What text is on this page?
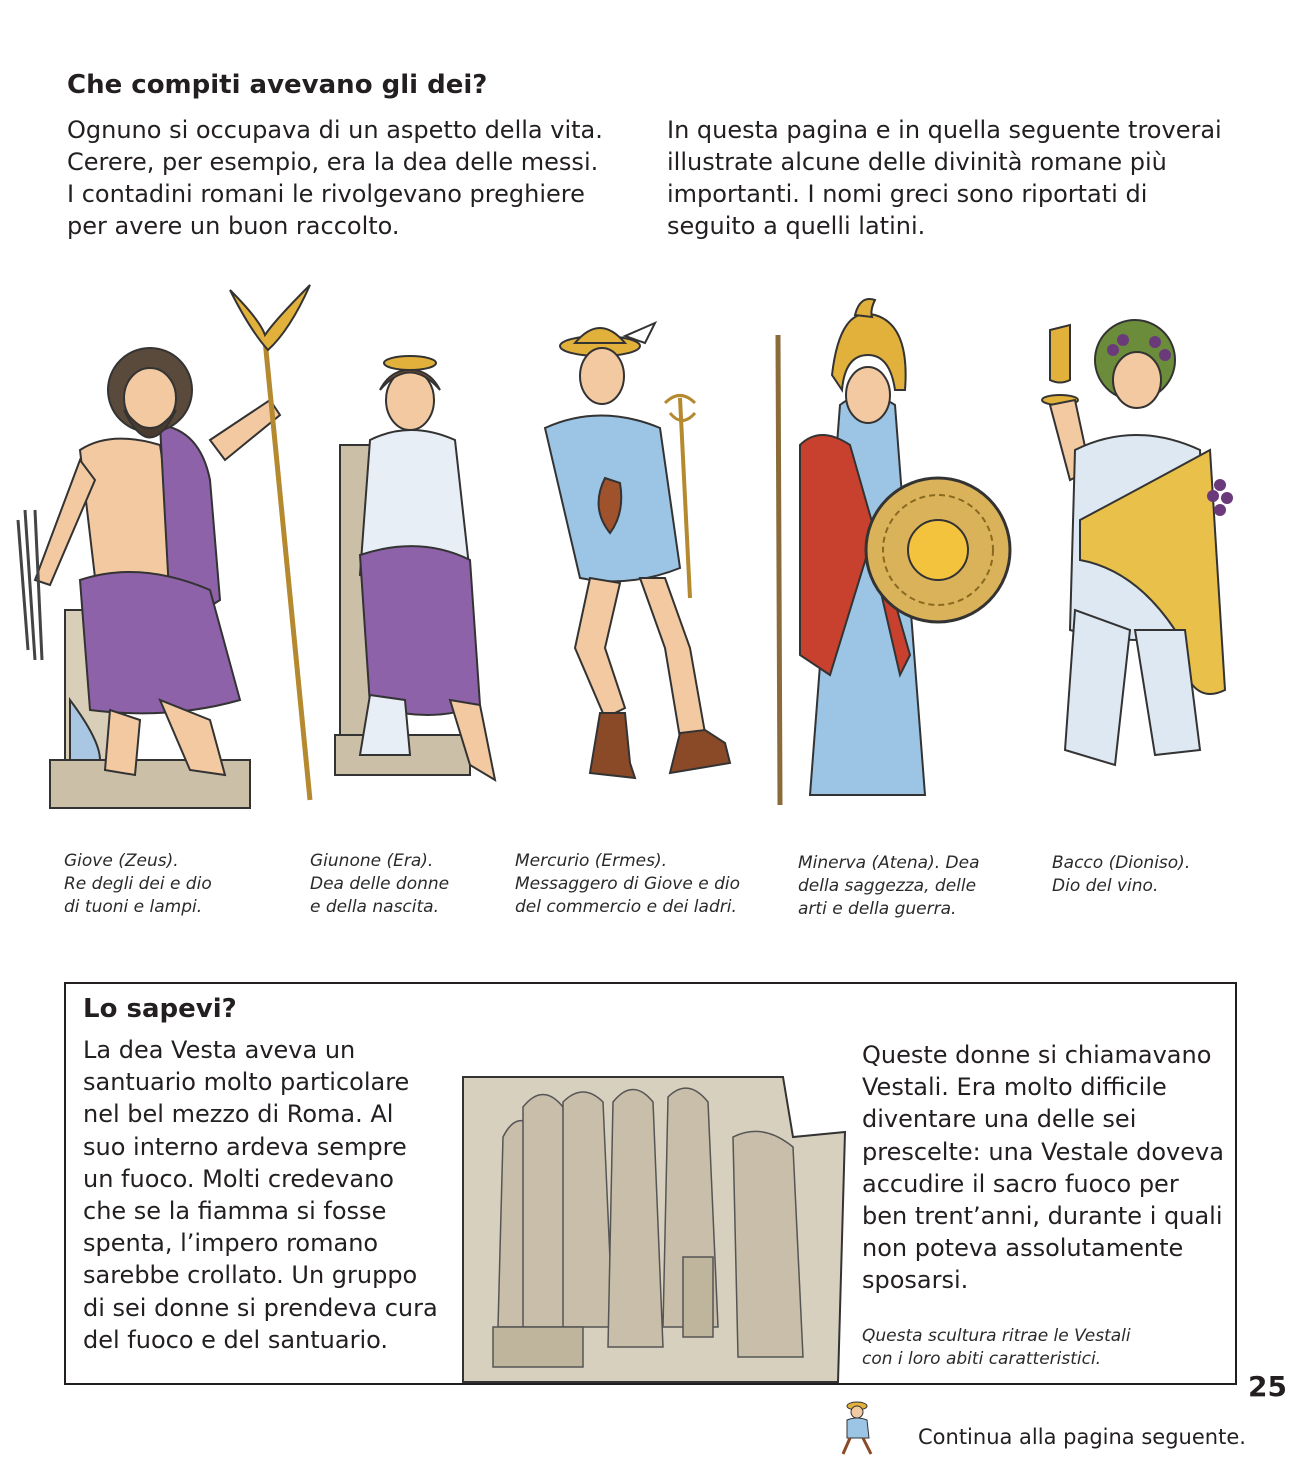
Che compiti avevano gli dei?
Ognuno si occupava di un aspetto della vita.
Cerere, per esempio, era la dea delle messi.
I contadini romani le rivolgevano preghiere
per avere un buon raccolto.
In questa pagina e in quella seguente troverai
illustrate alcune delle divinità romane più
importanti. I nomi greci sono riportati di
seguito a quelli latini.
Giove (Zeus).
Re degli dei e dio
di tuoni e lampi.
Giunone (Era).
Dea delle donne
e della nascita.
Mercurio (Ermes).
Messaggero di Giove e dio
del commercio e dei ladri.
Minerva (Atena). Dea
della saggezza, delle
arti e della guerra.
Bacco (Dioniso).
Dio del vino.
Lo sapevi?
La dea Vesta aveva un
santuario molto particolare
nel bel mezzo di Roma. Al
suo interno ardeva sempre
un fuoco. Molti credevano
che se la fiamma si fosse
spenta, l’impero romano
sarebbe crollato. Un gruppo
di sei donne si prendeva cura
del fuoco e del santuario.
Queste donne si chiamavano
Vestali. Era molto difficile
diventare una delle sei
prescelte: una Vestale doveva
accudire il sacro fuoco per
ben trent’anni, durante i quali
non poteva assolutamente
sposarsi.
Questa scultura ritrae le Vestali
con i loro abiti caratteristici.
25
Continua alla pagina seguente.
